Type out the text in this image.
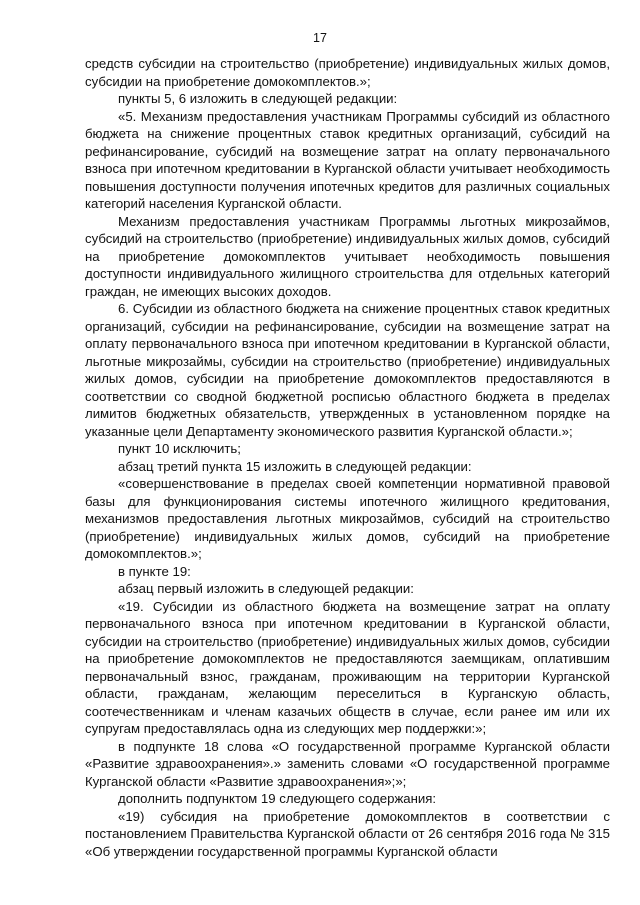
17

средств субсидии на строительство (приобретение) индивидуальных жилых домов, субсидии на приобретение домокомплектов.»;

пункты 5, 6 изложить в следующей редакции:

«5. Механизм предоставления участникам Программы субсидий из областного бюджета на снижение процентных ставок кредитных организаций, субсидий на рефинансирование, субсидий на возмещение затрат на оплату первоначального взноса при ипотечном кредитовании в Курганской области учитывает необходимость повышения доступности получения ипотечных кредитов для различных социальных категорий населения Курганской области.

Механизм предоставления участникам Программы льготных микрозаймов, субсидий на строительство (приобретение) индивидуальных жилых домов, субсидий на приобретение домокомплектов учитывает необходимость повышения доступности индивидуального жилищного строительства для отдельных категорий граждан, не имеющих высоких доходов.

6. Субсидии из областного бюджета на снижение процентных ставок кредитных организаций, субсидии на рефинансирование, субсидии на возмещение затрат на оплату первоначального взноса при ипотечном кредитовании в Курганской области, льготные микрозаймы, субсидии на строительство (приобретение) индивидуальных жилых домов, субсидии на приобретение домокомплектов предоставляются в соответствии со сводной бюджетной росписью областного бюджета в пределах лимитов бюджетных обязательств, утвержденных в установленном порядке на указанные цели Департаменту экономического развития Курганской области.»;

пункт 10 исключить;

абзац третий пункта 15 изложить в следующей редакции:

«совершенствование в пределах своей компетенции нормативной правовой базы для функционирования системы ипотечного жилищного кредитования, механизмов предоставления льготных микрозаймов, субсидий на строительство (приобретение) индивидуальных жилых домов, субсидий на приобретение домокомплектов.»;

в пункте 19:

абзац первый изложить в следующей редакции:

«19. Субсидии из областного бюджета на возмещение затрат на оплату первоначального взноса при ипотечном кредитовании в Курганской области, субсидии на строительство (приобретение) индивидуальных жилых домов, субсидии на приобретение домокомплектов не предоставляются заемщикам, оплатившим первоначальный взнос, гражданам, проживающим на территории Курганской области, гражданам, желающим переселиться в Курганскую область, соотечественникам и членам казачьих обществ в случае, если ранее им или их супругам предоставлялась одна из следующих мер поддержки:»;

в подпункте 18 слова «О государственной программе Курганской области «Развитие здравоохранения».» заменить словами «О государственной программе Курганской области «Развитие здравоохранения»;»;

дополнить подпунктом 19 следующего содержания:

«19) субсидия на приобретение домокомплектов в соответствии с постановлением Правительства Курганской области от 26 сентября 2016 года № 315 «Об утверждении государственной программы Курганской области
